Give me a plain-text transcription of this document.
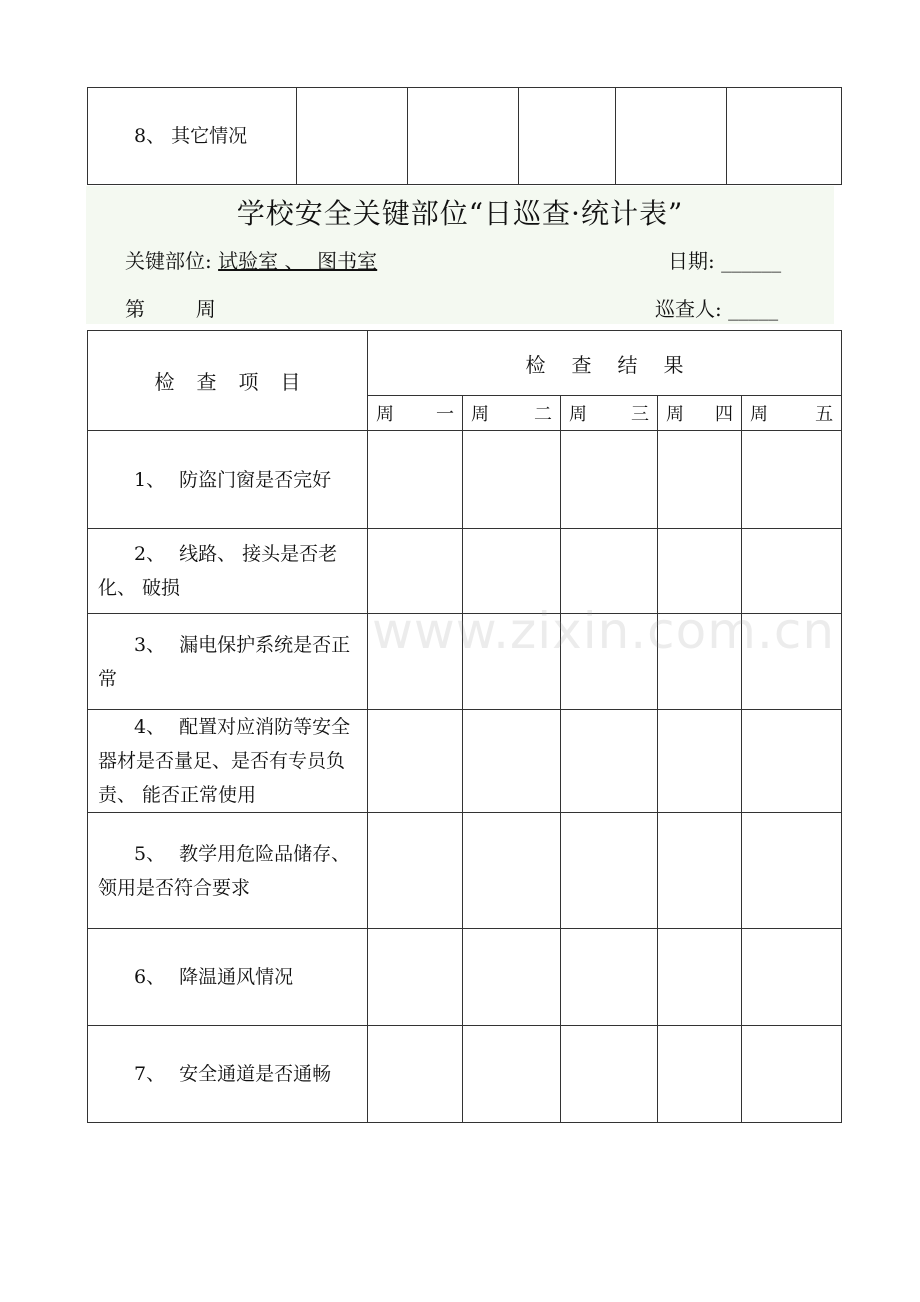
8、 其它情况					
学校安全关键部位“日巡查·统计表”
关键部位: 试验室 、  图书室	日期: ______
第	周	巡查人: _____
检查项目	检查结果				

	周 一	周 二	周 三	周 四	周 五

1、 防盗门窗是否完好					
2、 线路、 接头是否老化、 破损					
3、 漏电保护系统是否正常					
4、 配置对应消防等安全器材是否量足、是否有专员负责、 能否正常使用					
5、 教学用危险品储存、领用是否符合要求					
6、 降温通风情况					
7、 安全通道是否通畅					
www.zixin.com.cn
